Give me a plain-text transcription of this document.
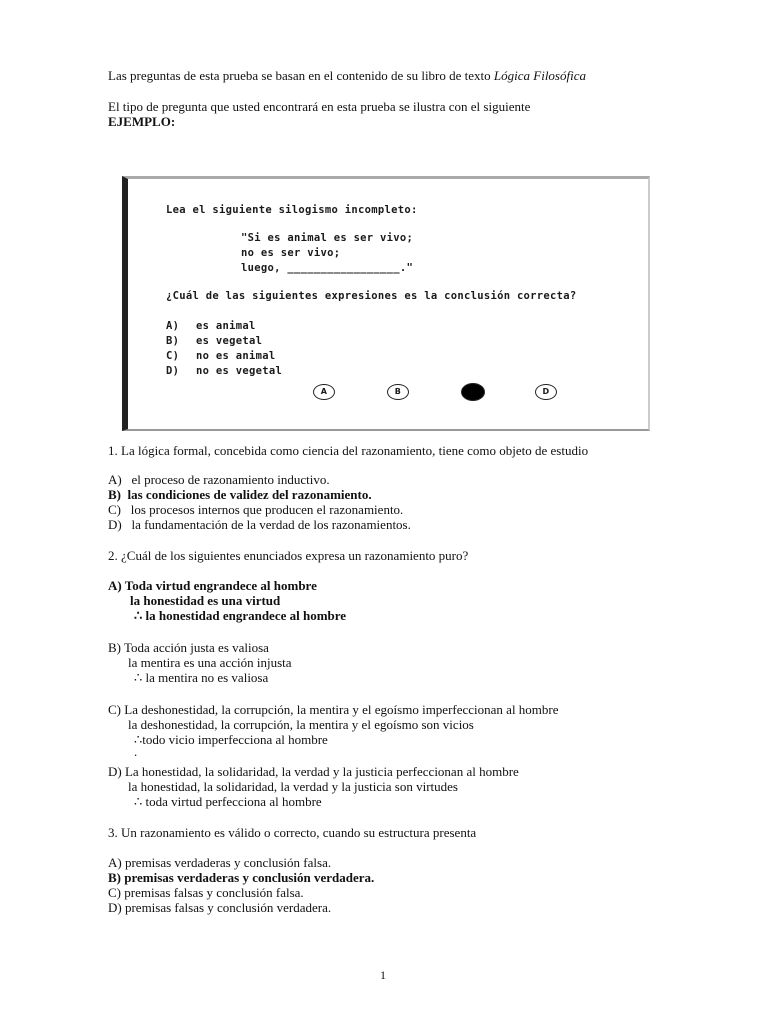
Las preguntas de esta prueba se basan en el contenido de su libro de texto Lógica Filosófica
El tipo de pregunta que usted encontrará en esta prueba se ilustra con el siguiente
EJEMPLO:
Lea el siguiente silogismo incompleto:
"Si es animal es ser vivo;
no es ser vivo;
luego, _________________."
¿Cuál de las siguientes expresiones es la conclusión correcta?
A) es animal
B) es vegetal
C) no es animal
D) no es vegetal
A	B	D
1. La lógica formal, concebida como ciencia del razonamiento, tiene como objeto de estudio
A) el proceso de razonamiento inductivo.
B) las condiciones de validez del razonamiento.
C) los procesos internos que producen el razonamiento.
D) la fundamentación de la verdad de los razonamientos.
2. ¿Cuál de los siguientes enunciados expresa un razonamiento puro?
A) Toda virtud engrandece al hombre
la honestidad es una virtud
∴ la honestidad engrandece al hombre
B) Toda acción justa es valiosa
la mentira es una acción injusta
∴ la mentira no es valiosa
C) La deshonestidad, la corrupción, la mentira y el egoísmo imperfeccionan al hombre
la deshonestidad, la corrupción, la mentira y el egoísmo son vicios
∴todo vicio imperfecciona al hombre
.
D) La honestidad, la solidaridad, la verdad y la justicia perfeccionan al hombre
la honestidad, la solidaridad, la verdad y la justicia son virtudes
∴ toda virtud perfecciona al hombre
3. Un razonamiento es válido o correcto, cuando su estructura presenta
A) premisas verdaderas y conclusión falsa.
B) premisas verdaderas y conclusión verdadera.
C) premisas falsas y conclusión falsa.
D) premisas falsas y conclusión verdadera.
1
